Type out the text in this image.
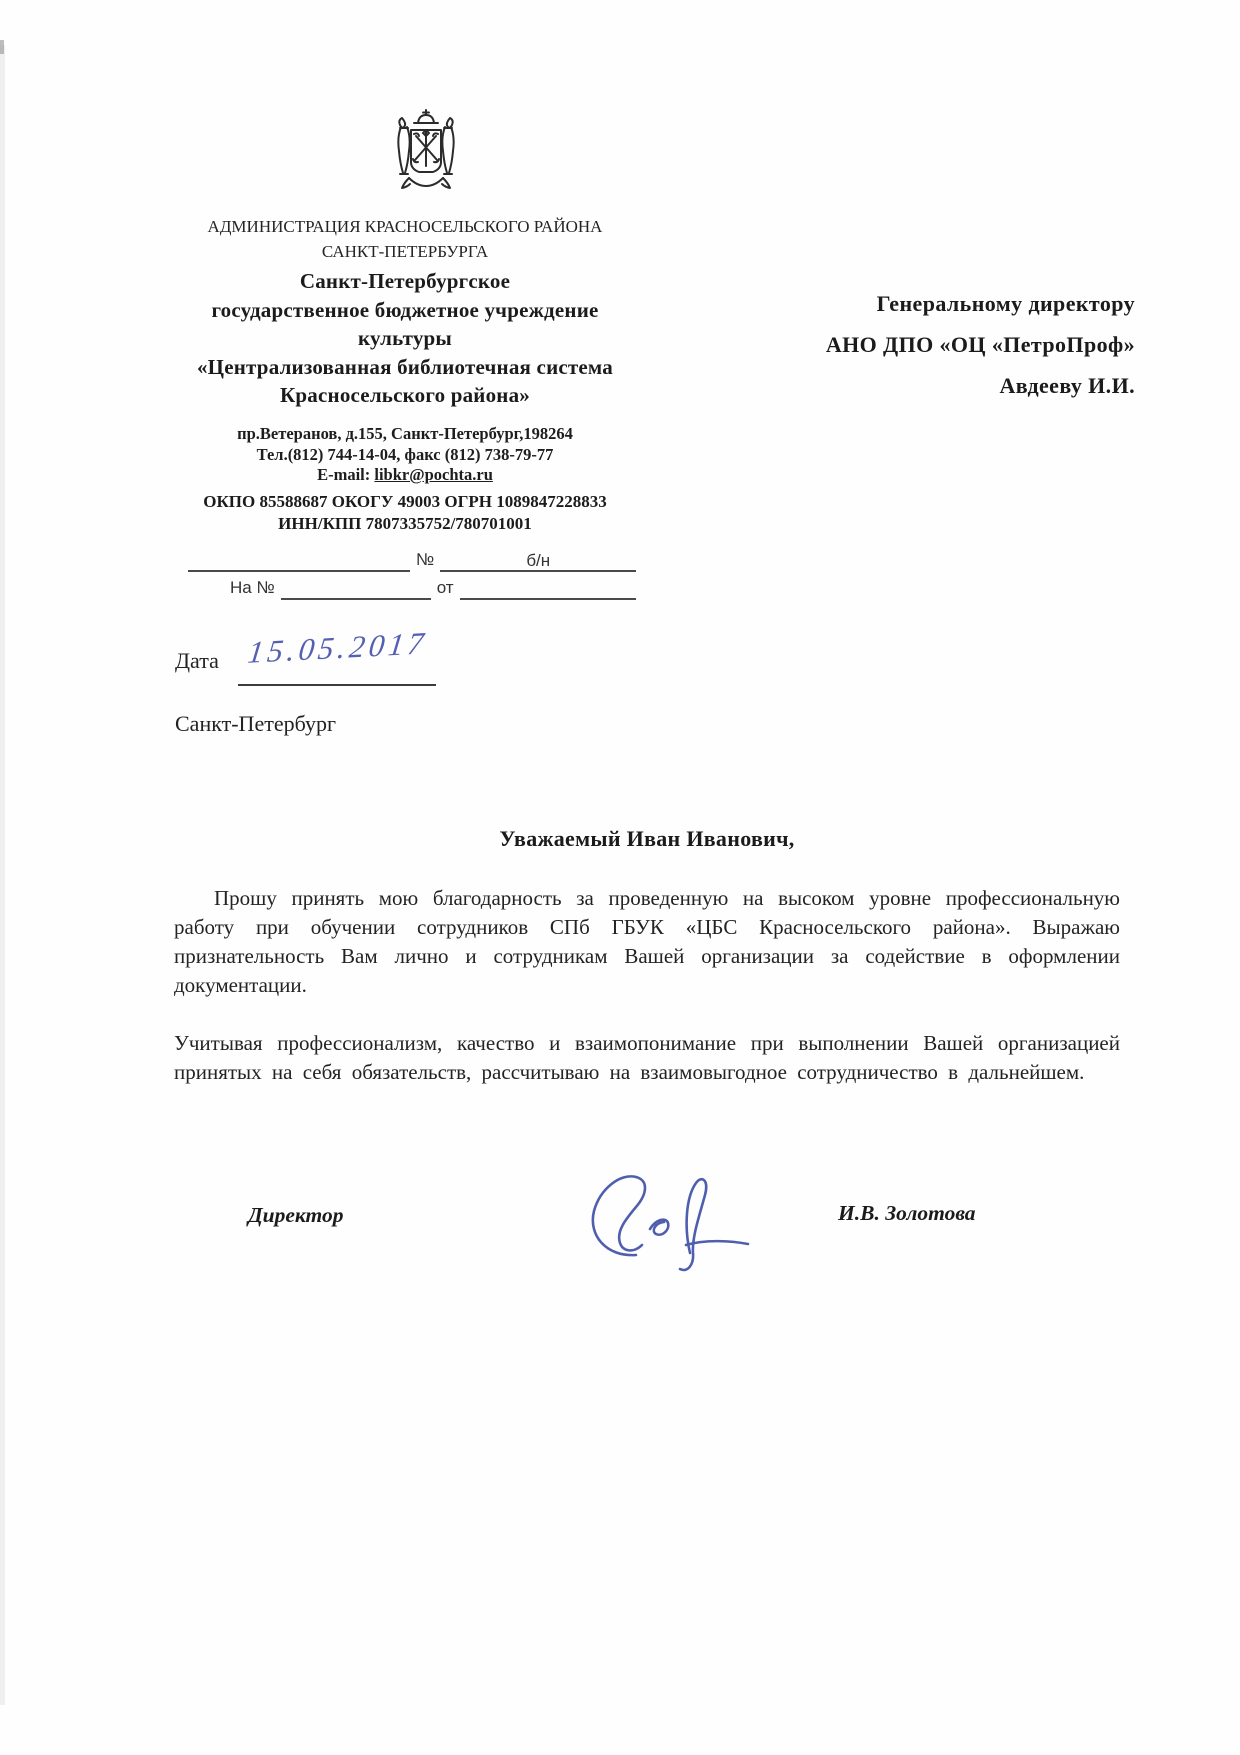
АДМИНИСТРАЦИЯ КРАСНОСЕЛЬСКОГО РАЙОНА
САНКТ-ПЕТЕРБУРГА
Санкт-Петербургское
государственное бюджетное учреждение
культуры
«Централизованная библиотечная система
Красносельского района»
пр.Ветеранов, д.155, Санкт-Петербург,198264
Тел.(812) 744-14-04, факс (812) 738-79-77
E-mail: libkr@pochta.ru
ОКПО 85588687 ОКОГУ 49003 ОГРН 1089847228833
ИНН/КПП 7807335752/780701001
№	б/н
На №	от
Генеральному директору
АНО ДПО «ОЦ «ПетроПроф»
Авдееву И.И.
Дата 15.05.2017
Санкт-Петербург
Уважаемый Иван Иванович,

Прошу принять мою благодарность за проведенную на высоком уровне профессиональную работу при обучении сотрудников СПб ГБУК «ЦБС Красносельского района». Выражаю признательность Вам лично и сотрудникам Вашей организации за содействие в оформлении документации.

Учитывая профессионализм, качество и взаимопонимание при выполнении Вашей организацией принятых на себя обязательств, рассчитываю на взаимовыгодное сотрудничество в дальнейшем.

Директор	И.В. Золотова
